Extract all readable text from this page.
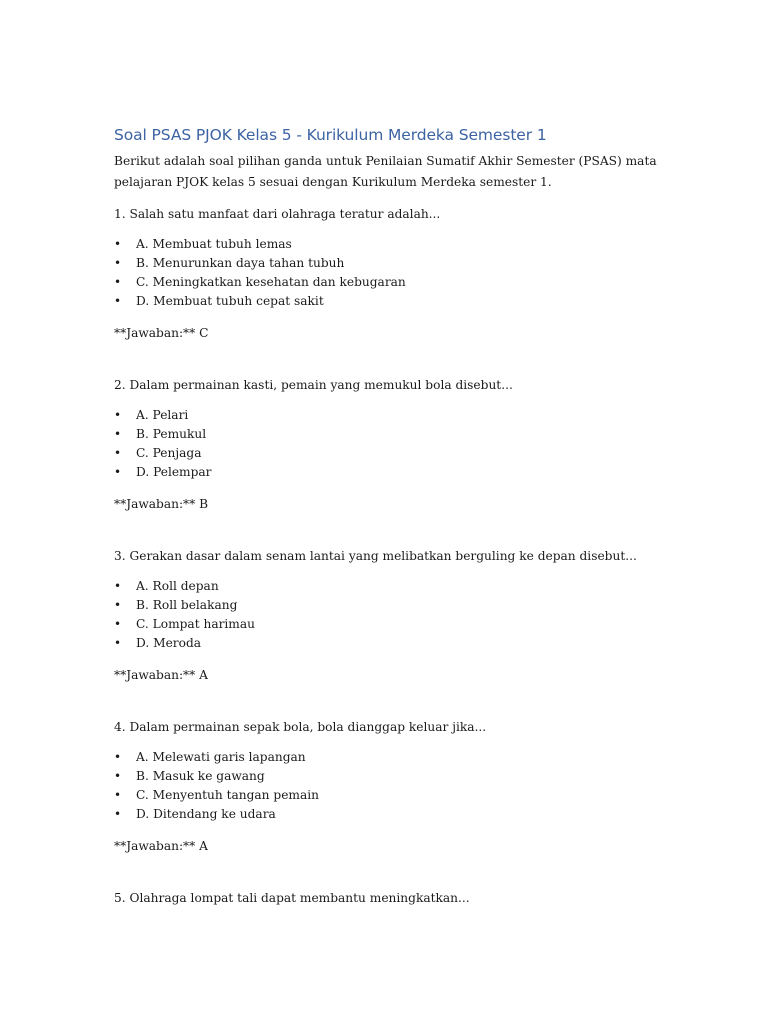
Soal PSAS PJOK Kelas 5 - Kurikulum Merdeka Semester 1

Berikut adalah soal pilihan ganda untuk Penilaian Sumatif Akhir Semester (PSAS) mata
pelajaran PJOK kelas 5 sesuai dengan Kurikulum Merdeka semester 1.

1. Salah satu manfaat dari olahraga teratur adalah...

• A. Membuat tubuh lemas
• B. Menurunkan daya tahan tubuh
• C. Meningkatkan kesehatan dan kebugaran
• D. Membuat tubuh cepat sakit

**Jawaban:** C

2. Dalam permainan kasti, pemain yang memukul bola disebut...

• A. Pelari
• B. Pemukul
• C. Penjaga
• D. Pelempar

**Jawaban:** B

3. Gerakan dasar dalam senam lantai yang melibatkan berguling ke depan disebut...

• A. Roll depan
• B. Roll belakang
• C. Lompat harimau
• D. Meroda

**Jawaban:** A

4. Dalam permainan sepak bola, bola dianggap keluar jika...

• A. Melewati garis lapangan
• B. Masuk ke gawang
• C. Menyentuh tangan pemain
• D. Ditendang ke udara

**Jawaban:** A

5. Olahraga lompat tali dapat membantu meningkatkan...
